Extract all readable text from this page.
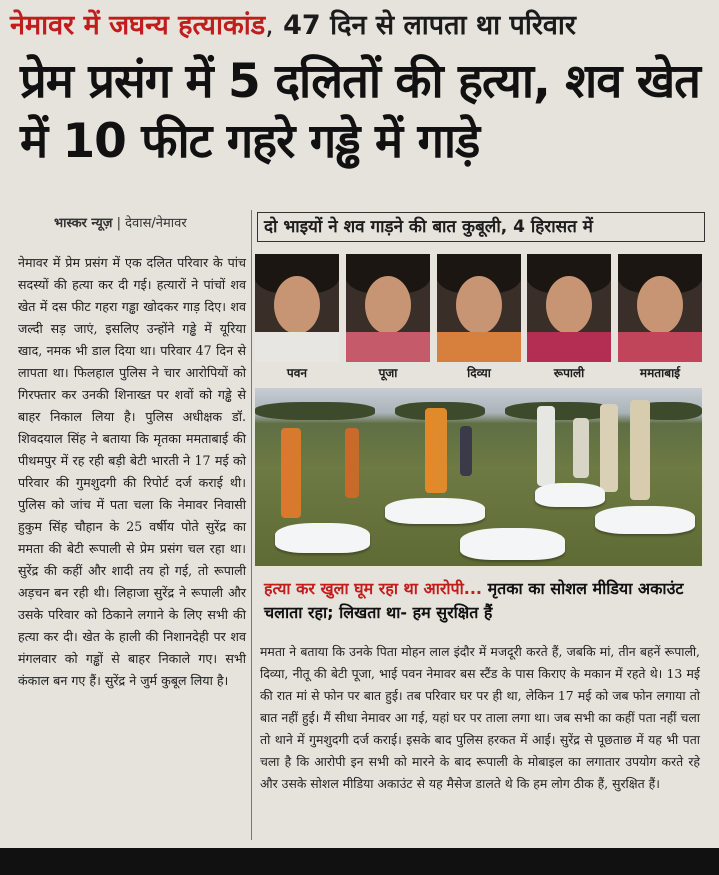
नेमावर में जघन्य हत्याकांड, 47 दिन से लापता था परिवार
प्रेम प्रसंग में 5 दलितों की हत्या, शव खेत में 10 फीट गहरे गड्ढे में गाड़े
भास्कर न्यूज़ | देवास/नेमावर
नेमावर में प्रेम प्रसंग में एक दलित परिवार के पांच सदस्यों की हत्या कर दी गई। हत्यारों ने पांचों शव खेत में दस फीट गहरा गड्ढा खोदकर गाड़ दिए। शव जल्दी सड़ जाएं, इसलिए उन्होंने गड्ढे में यूरिया खाद, नमक भी डाल दिया था। परिवार 47 दिन से लापता था। फिलहाल पुलिस ने चार आरोपियों को गिरफ्तार कर उनकी शिनाख्त पर शवों को गड्ढे से बाहर निकाल लिया है। पुलिस अधीक्षक डॉ. शिवदयाल सिंह ने बताया कि मृतका ममताबाई की पीथमपुर में रह रही बड़ी बेटी भारती ने 17 मई को परिवार की गुमशुदगी की रिपोर्ट दर्ज कराई थी। पुलिस को जांच में पता चला कि नेमावर निवासी हुकुम सिंह चौहान के 25 वर्षीय पोते सुरेंद्र का ममता की बेटी रूपाली से प्रेम प्रसंग चल रहा था। सुरेंद्र की कहीं और शादी तय हो गई, तो रूपाली अड़चन बन रही थी। लिहाजा सुरेंद्र ने रूपाली और उसके परिवार को ठिकाने लगाने के लिए सभी की हत्या कर दी। खेत के हाली की निशानदेही पर शव मंगलवार को गड्ढों से बाहर निकाले गए। सभी कंकाल बन गए हैं। सुरेंद्र ने जुर्म कुबूल लिया है।
दो भाइयों ने शव गाड़ने की बात कुबूली, 4 हिरासत में
पवन	पूजा	दिव्या	रूपाली	ममताबाई
हत्या कर खुला घूम रहा था आरोपी... मृतका का सोशल मीडिया अकाउंट चलाता रहा; लिखता था- हम सुरक्षित हैं
ममता ने बताया कि उनके पिता मोहन लाल इंदौर में मजदूरी करते हैं, जबकि मां, तीन बहनें रूपाली, दिव्या, नीतू की बेटी पूजा, भाई पवन नेमावर बस स्टैंड के पास किराए के मकान में रहते थे। 13 मई की रात मां से फोन पर बात हुई। तब परिवार घर पर ही था, लेकिन 17 मई को जब फोन लगाया तो बात नहीं हुई। मैं सीधा नेमावर आ गई, यहां घर पर ताला लगा था। जब सभी का कहीं पता नहीं चला तो थाने में गुमशुदगी दर्ज कराई। इसके बाद पुलिस हरकत में आई। सुरेंद्र से पूछताछ में यह भी पता चला है कि आरोपी इन सभी को मारने के बाद रूपाली के मोबाइल का लगातार उपयोग करते रहे और उसके सोशल मीडिया अकाउंट से यह मैसेज डालते थे कि हम लोग ठीक हैं, सुरक्षित हैं।
